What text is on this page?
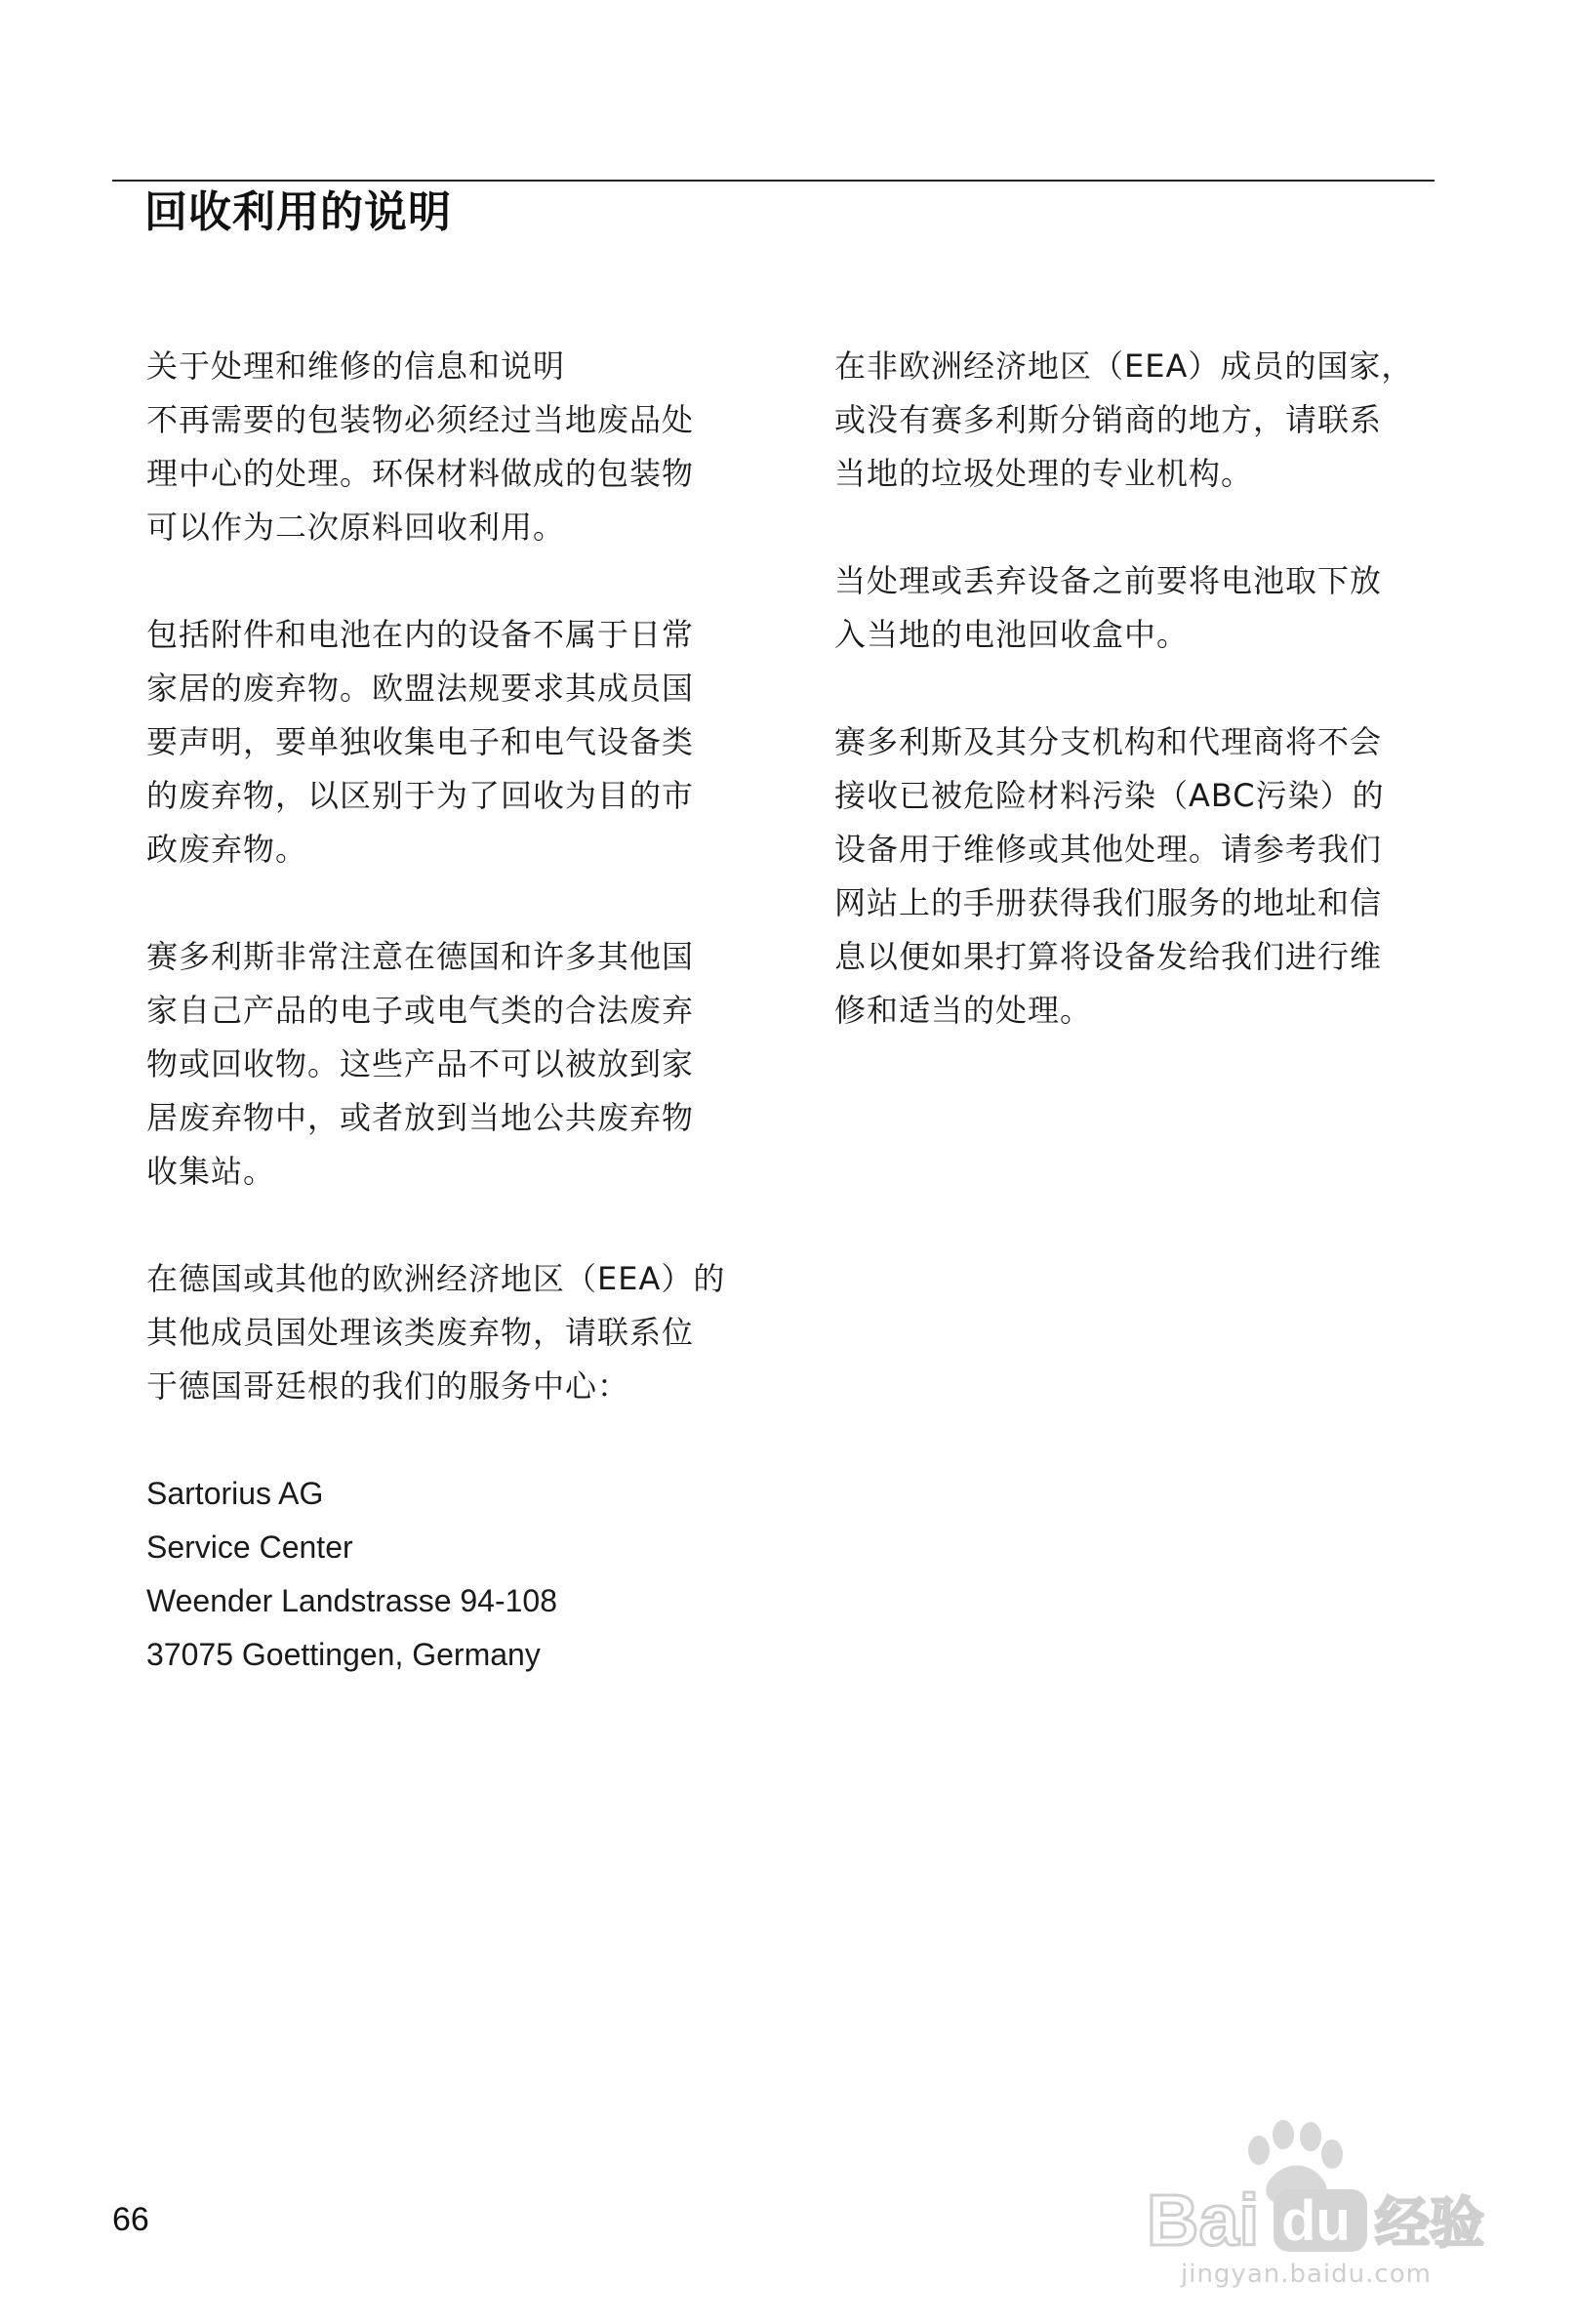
回收利用的说明

关于处理和维修的信息和说明
不再需要的包装物必须经过当地废品处
理中心的处理。环保材料做成的包装物
可以作为二次原料回收利用。

包括附件和电池在内的设备不属于日常
家居的废弃物。欧盟法规要求其成员国
要声明，要单独收集电子和电气设备类
的废弃物，以区别于为了回收为目的市
政废弃物。

赛多利斯非常注意在德国和许多其他国
家自己产品的电子或电气类的合法废弃
物或回收物。这些产品不可以被放到家
居废弃物中，或者放到当地公共废弃物
收集站。

在德国或其他的欧洲经济地区（EEA）的
其他成员国处理该类废弃物，请联系位
于德国哥廷根的我们的服务中心：

Sartorius AG
Service Center
Weender Landstrasse 94-108
37075 Goettingen, Germany

在非欧洲经济地区（EEA）成员的国家，
或没有赛多利斯分销商的地方，请联系
当地的垃圾处理的专业机构。

当处理或丢弃设备之前要将电池取下放
入当地的电池回收盒中。

赛多利斯及其分支机构和代理商将不会
接收已被危险材料污染（ABC污染）的
设备用于维修或其他处理。请参考我们
网站上的手册获得我们服务的地址和信
息以便如果打算将设备发给我们进行维
修和适当的处理。

66	Bai du 经验
jingyan.baidu.com
